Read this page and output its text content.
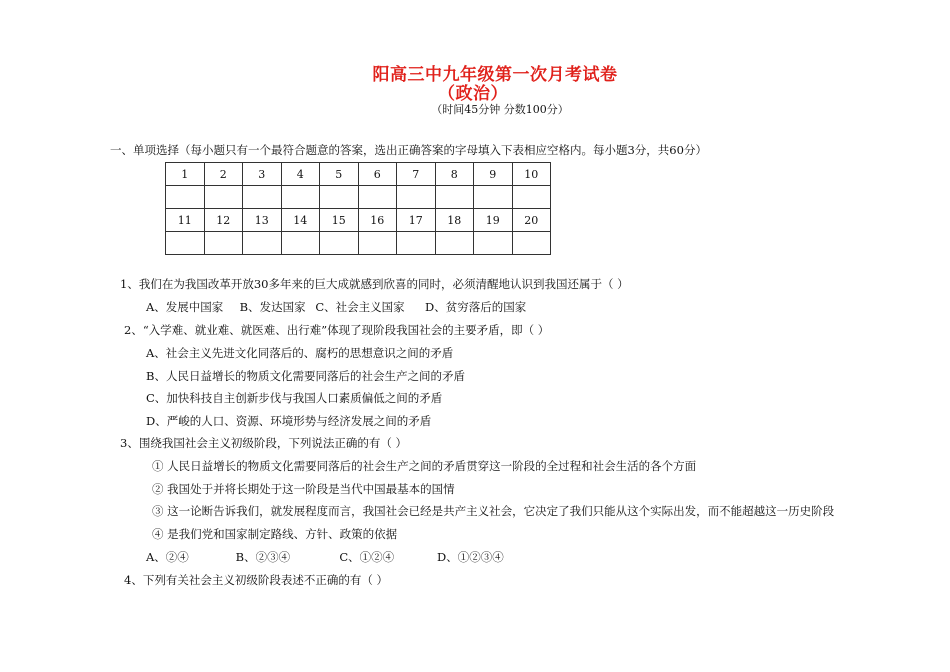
阳高三中九年级第一次月考试卷
（政治）
（时间45分钟 分数100分）
一、单项选择（每小题只有一个最符合题意的答案，选出正确答案的字母填入下表相应空格内。每小题3分，共60分）
1	2	3	4	5	6	7	8	9	10

11	12	13	14	15	16	17	18	19	20

1、我们在为我国改革开放30多年来的巨大成就感到欣喜的同时，必须清醒地认识到我国还属于（ ）
A、发展中国家 B、发达国家 C、社会主义国家 D、贫穷落后的国家
2、“入学难、就业难、就医难、出行难”体现了现阶段我国社会的主要矛盾，即（ ）
A、社会主义先进文化同落后的、腐朽的思想意识之间的矛盾
B、人民日益增长的物质文化需要同落后的社会生产之间的矛盾
C、加快科技自主创新步伐与我国人口素质偏低之间的矛盾
D、严峻的人口、资源、环境形势与经济发展之间的矛盾
3、围绕我国社会主义初级阶段，下列说法正确的有（ ）
① 人民日益增长的物质文化需要同落后的社会生产之间的矛盾贯穿这一阶段的全过程和社会生活的各个方面
② 我国处于并将长期处于这一阶段是当代中国最基本的国情
③ 这一论断告诉我们，就发展程度而言，我国社会已经是共产主义社会，它决定了我们只能从这个实际出发，而不能超越这一历史阶段
④ 是我们党和国家制定路线、方针、政策的依据
A、②④	B、②③④	C、①②④	D、①②③④
4、下列有关社会主义初级阶段表述不正确的有（ ）
